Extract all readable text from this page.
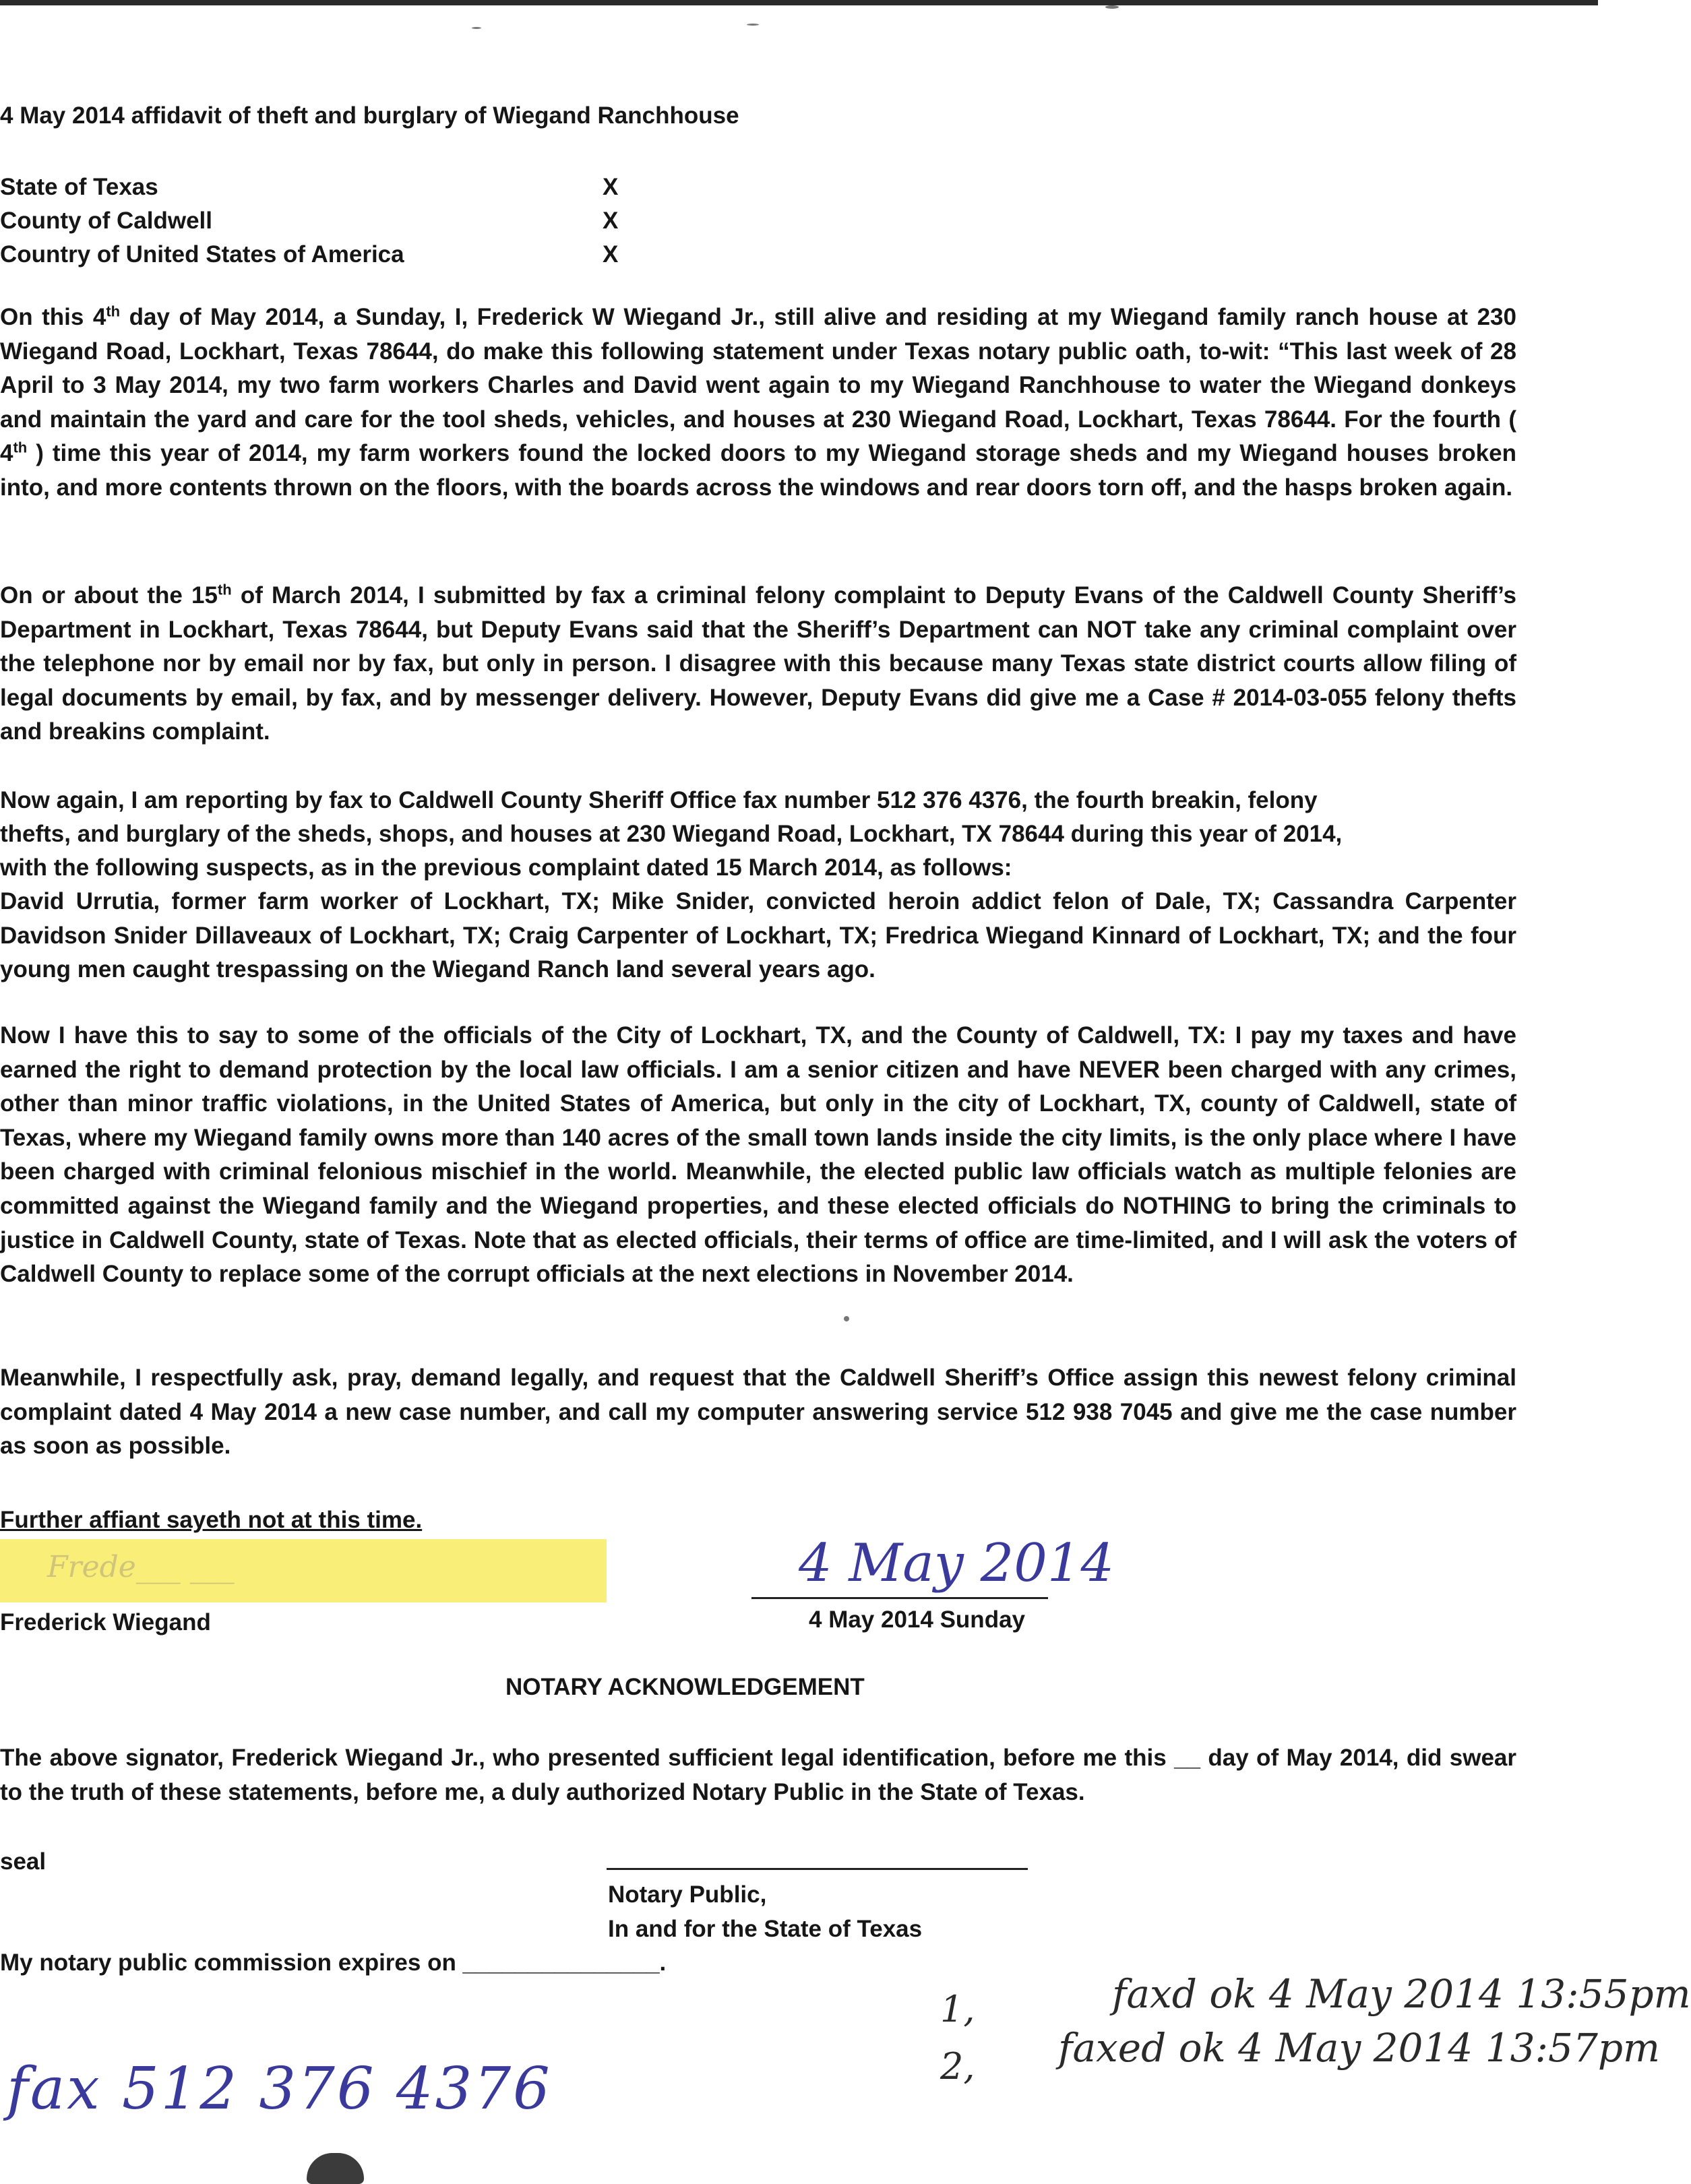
4 May 2014 affidavit of theft and burglary of Wiegand Ranchhouse
State of Texas	X
County of Caldwell	X
Country of United States of America	X

On this 4th day of May 2014, a Sunday, I, Frederick W Wiegand Jr., still alive and residing at my Wiegand family ranch house at 230 Wiegand Road, Lockhart, Texas 78644, do make this following statement under Texas notary public oath, to-wit: “This last week of 28 April to 3 May 2014, my two farm workers Charles and David went again to my Wiegand Ranchhouse to water the Wiegand donkeys and maintain the yard and care for the tool sheds, vehicles, and houses at 230 Wiegand Road, Lockhart, Texas 78644. For the fourth ( 4th ) time this year of 2014, my farm workers found the locked doors to my Wiegand storage sheds and my Wiegand houses broken into, and more contents thrown on the floors, with the boards across the windows and rear doors torn off, and the hasps broken again.

On or about the 15th of March 2014, I submitted by fax a criminal felony complaint to Deputy Evans of the Caldwell County Sheriff’s Department in Lockhart, Texas 78644, but Deputy Evans said that the Sheriff’s Department can NOT take any criminal complaint over the telephone nor by email nor by fax, but only in person. I disagree with this because many Texas state district courts allow filing of legal documents by email, by fax, and by messenger delivery. However, Deputy Evans did give me a Case # 2014-03-055 felony thefts and breakins complaint.

Now again, I am reporting by fax to Caldwell County Sheriff Office fax number 512 376 4376, the fourth breakin, felony
thefts, and burglary of the sheds, shops, and houses at 230 Wiegand Road, Lockhart, TX 78644 during this year of 2014,
with the following suspects, as in the previous complaint dated 15 March 2014, as follows:

David Urrutia, former farm worker of Lockhart, TX; Mike Snider, convicted heroin addict felon of Dale, TX; Cassandra Carpenter Davidson Snider Dillaveaux of Lockhart, TX; Craig Carpenter of Lockhart, TX; Fredrica Wiegand Kinnard of Lockhart, TX; and the four young men caught trespassing on the Wiegand Ranch land several years ago.

Now I have this to say to some of the officials of the City of Lockhart, TX, and the County of Caldwell, TX: I pay my taxes and have earned the right to demand protection by the local law officials. I am a senior citizen and have NEVER been charged with any crimes, other than minor traffic violations, in the United States of America, but only in the city of Lockhart, TX, county of Caldwell, state of Texas, where my Wiegand family owns more than 140 acres of the small town lands inside the city limits, is the only place where I have been charged with criminal felonious mischief in the world. Meanwhile, the elected public law officials watch as multiple felonies are committed against the Wiegand family and the Wiegand properties, and these elected officials do NOTHING to bring the criminals to justice in Caldwell County, state of Texas. Note that as elected officials, their terms of office are time-limited, and I will ask the voters of Caldwell County to replace some of the corrupt officials at the next elections in November 2014.

Meanwhile, I respectfully ask, pray, demand legally, and request that the Caldwell Sheriff’s Office assign this newest felony criminal complaint dated 4 May 2014 a new case number, and call my computer answering service 512 938 7045 and give me the case number as soon as possible.

Further affiant sayeth not at this time.
Frede___ ___
Frederick Wiegand
4 May 2014
4 May 2014 Sunday
NOTARY ACKNOWLEDGEMENT

The above signator, Frederick Wiegand Jr., who presented sufficient legal identification, before me this __ day of May 2014, did swear to the truth of these statements, before me, a duly authorized Notary Public in the State of Texas.

seal
Notary Public,
In and for the State of Texas
My notary public commission expires on _______________.
fax 512 376 4376
1,	faxd ok 4 May 2014 13:55pm
2, faxed ok 4 May 2014 13:57pm
